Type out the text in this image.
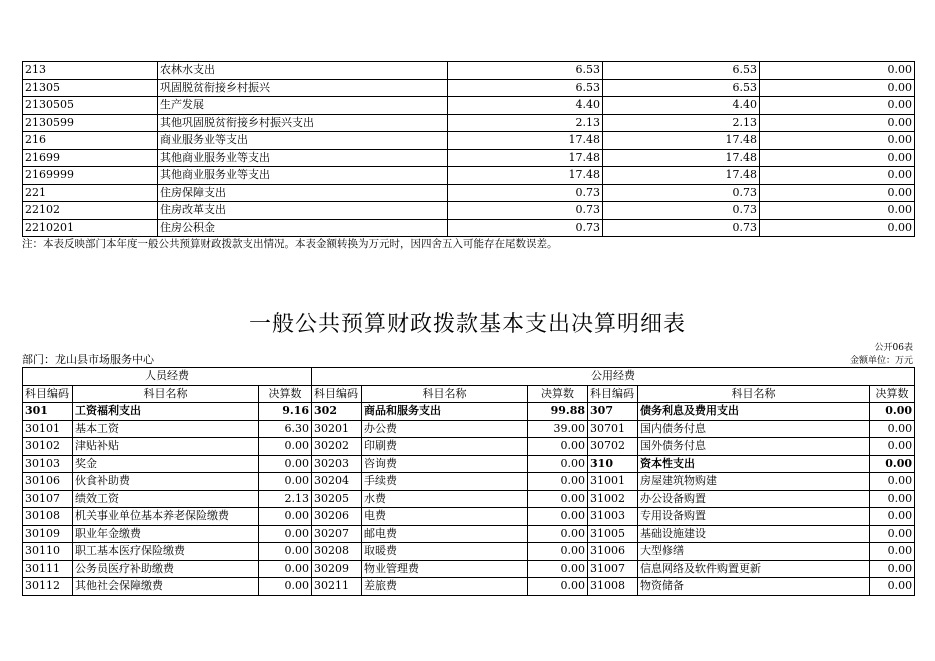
213	农林水支出	6.53	6.53	0.00
21305	巩固脱贫衔接乡村振兴	6.53	6.53	0.00
2130505	生产发展	4.40	4.40	0.00
2130599	其他巩固脱贫衔接乡村振兴支出	2.13	2.13	0.00
216	商业服务业等支出	17.48	17.48	0.00
21699	其他商业服务业等支出	17.48	17.48	0.00
2169999	其他商业服务业等支出	17.48	17.48	0.00
221	住房保障支出	0.73	0.73	0.00
22102	住房改革支出	0.73	0.73	0.00
2210201	住房公积金	0.73	0.73	0.00
注：本表反映部门本年度一般公共预算财政拨款支出情况。本表金额转换为万元时，因四舍五入可能存在尾数误差。
一般公共预算财政拨款基本支出决算明细表
公开06表
部门：龙山县市场服务中心	金额单位：万元
人员经费			公用经费					
科目编码	科目名称	决算数	科目编码	科目名称	决算数	科目编码	科目名称	决算数
301	工资福利支出	9.16	302	商品和服务支出	99.88	307	债务利息及费用支出	0.00
30101	基本工资	6.30	30201	办公费	39.00	30701	国内债务付息	0.00
30102	津贴补贴	0.00	30202	印刷费	0.00	30702	国外债务付息	0.00
30103	奖金	0.00	30203	咨询费	0.00	310	资本性支出	0.00
30106	伙食补助费	0.00	30204	手续费	0.00	31001	房屋建筑物购建	0.00
30107	绩效工资	2.13	30205	水费	0.00	31002	办公设备购置	0.00
30108	机关事业单位基本养老保险缴费	0.00	30206	电费	0.00	31003	专用设备购置	0.00
30109	职业年金缴费	0.00	30207	邮电费	0.00	31005	基础设施建设	0.00
30110	职工基本医疗保险缴费	0.00	30208	取暖费	0.00	31006	大型修缮	0.00
30111	公务员医疗补助缴费	0.00	30209	物业管理费	0.00	31007	信息网络及软件购置更新	0.00
30112	其他社会保障缴费	0.00	30211	差旅费	0.00	31008	物资储备	0.00
